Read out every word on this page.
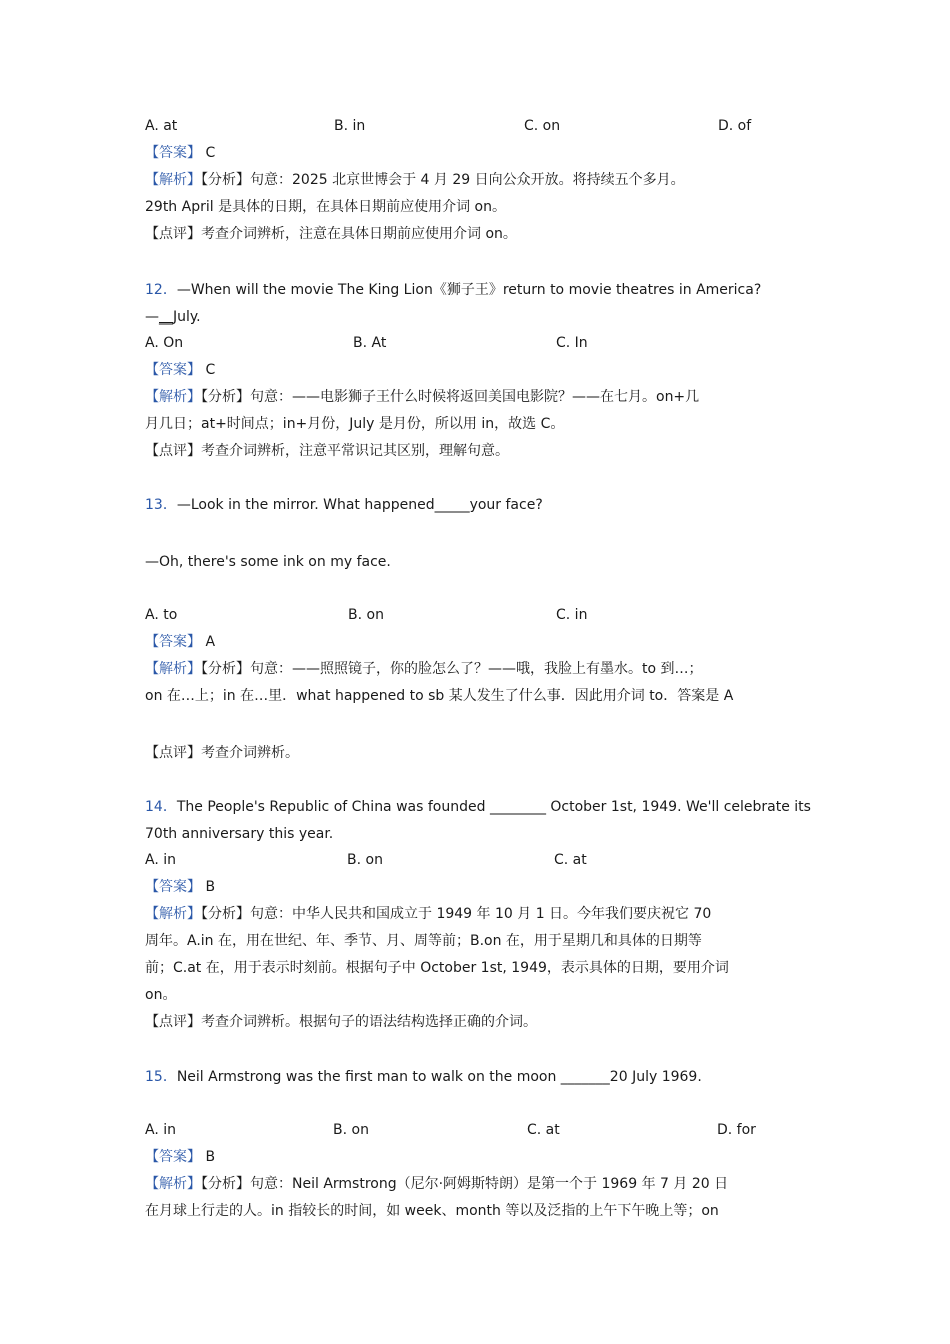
A. at	B. in	C. on	D. of
【答案】 C
【解析】【分析】句意：2025 北京世博会于 4 月 29 日向公众开放。将持续五个多月。
29th April 是具体的日期，在具体日期前应使用介词 on。
【点评】考查介词辨析，注意在具体日期前应使用介词 on。
12．—When will the movie The King Lion《狮子王》return to movie theatres in America?
—__July.
A. On	B. At	C. In
【答案】 C
【解析】【分析】句意：——电影狮子王什么时候将返回美国电影院？——在七月。on+几
月几日；at+时间点；in+月份，July 是月份，所以用 in，故选 C。
【点评】考查介词辨析，注意平常识记其区别，理解句意。
13．—Look in the mirror. What happened_____your face?
—Oh, there's some ink on my face.
A. to	B. on	C. in
【答案】 A
【解析】【分析】句意：——照照镜子，你的脸怎么了？——哦，我脸上有墨水。to 到…；
on 在…上；in 在…里．what happened to sb 某人发生了什么事．因此用介词 to．答案是 A
【点评】考查介词辨析。
14．The People's Republic of China was founded ________ October 1st, 1949. We'll celebrate its
70th anniversary this year.
A. in	B. on	C. at
【答案】 B
【解析】【分析】句意：中华人民共和国成立于 1949 年 10 月 1 日。今年我们要庆祝它 70
周年。A.in 在，用在世纪、年、季节、月、周等前；B.on 在，用于星期几和具体的日期等
前；C.at 在，用于表示时刻前。根据句子中 October 1st, 1949，表示具体的日期，要用介词
on。
【点评】考查介词辨析。根据句子的语法结构选择正确的介词。
15．Neil Armstrong was the first man to walk on the moon _______20 July 1969.
A. in	B. on	C. at	D. for
【答案】 B
【解析】【分析】句意：Neil Armstrong（尼尔·阿姆斯特朗）是第一个于 1969 年 7 月 20 日
在月球上行走的人。in 指较长的时间，如 week、month 等以及泛指的上午下午晚上等；on
